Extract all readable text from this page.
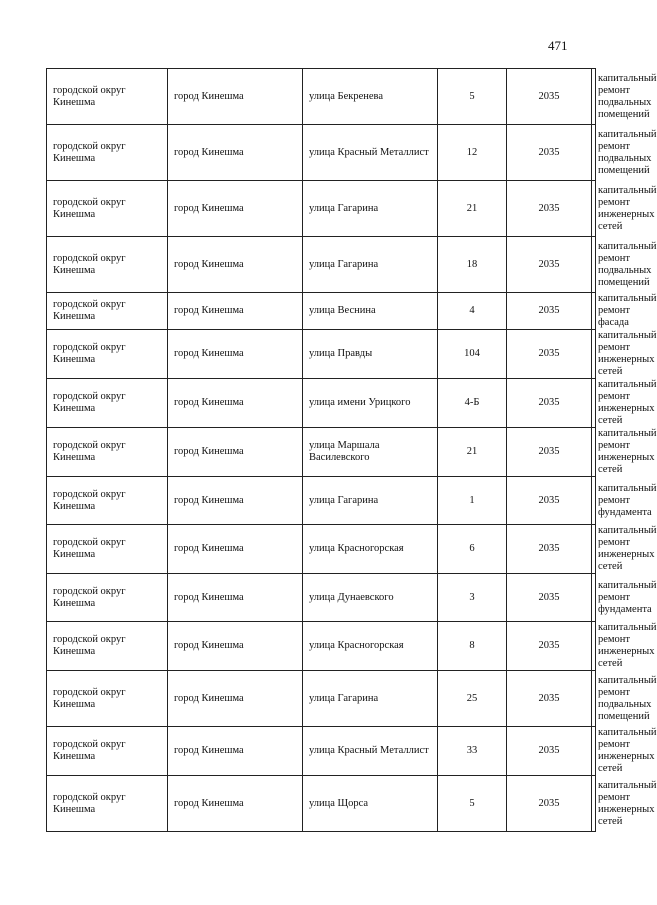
471
городской округ Кинешма	город Кинешма	улица Бекренева	5	2035	капитальный ремонт подвальных помещений
городской округ Кинешма	город Кинешма	улица Красный Металлист	12	2035	капитальный ремонт подвальных помещений
городской округ Кинешма	город Кинешма	улица Гагарина	21	2035	капитальный ремонт инженерных сетей
городской округ Кинешма	город Кинешма	улица Гагарина	18	2035	капитальный ремонт подвальных помещений
городской округ Кинешма	город Кинешма	улица Веснина	4	2035	капитальный ремонт фасада
городской округ Кинешма	город Кинешма	улица Правды	104	2035	капитальный ремонт инженерных сетей
городской округ Кинешма	город Кинешма	улица имени Урицкого	4-Б	2035	капитальный ремонт инженерных сетей
городской округ Кинешма	город Кинешма	улица Маршала Василевского	21	2035	капитальный ремонт инженерных сетей
городской округ Кинешма	город Кинешма	улица Гагарина	1	2035	капитальный ремонт фундамента
городской округ Кинешма	город Кинешма	улица Красногорская	6	2035	капитальный ремонт инженерных сетей
городской округ Кинешма	город Кинешма	улица Дунаевского	3	2035	капитальный ремонт фундамента
городской округ Кинешма	город Кинешма	улица Красногорская	8	2035	капитальный ремонт инженерных сетей
городской округ Кинешма	город Кинешма	улица Гагарина	25	2035	капитальный ремонт подвальных помещений
городской округ Кинешма	город Кинешма	улица Красный Металлист	33	2035	капитальный ремонт инженерных сетей
городской округ Кинешма	город Кинешма	улица Щорса	5	2035	капитальный ремонт инженерных сетей
